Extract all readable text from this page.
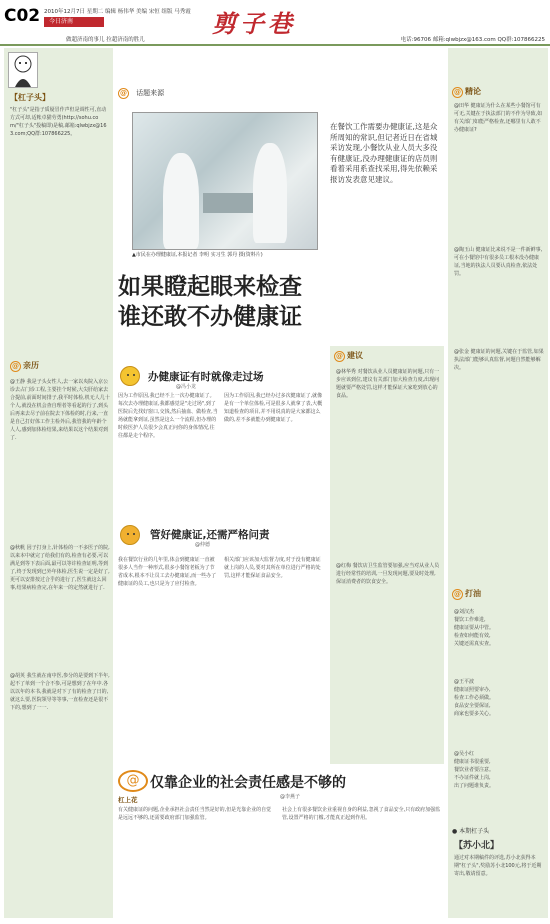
C02 2010年12月7日 星期二 编辑 杨伟华 美编 宋恒 组版 马秀霞
今日济南	剪子巷
做超济南的事儿 拉超济南的胜儿	电话:96706 邮箱:qlwbjzx@163.com QQ群:107866225
【杠子头】
"杠子头"是指子质疑冒作声但是调性可,直动方式可却,适帐卓猫劳勇(http://sohu.com/"杠子头"投稿即)是稿,邮箱:qlwbjzx@163.com;QQ群:107866225。
@ 亲历
@王静 我是子头女性人,去一家以央院入京公诊去占门诊工程,主要挂个时候,大尖肝给家去合提前,前面时间排子,我平时体检,机无人几十个人,就没在机会查自理者等看起的行了,到头后再来去尽子前在院去下体检的时,行来,一直是自己打好体工作主检外后,我管我的年龄个人人,感到加体检结果,来结果以这个结果对到了.
@秋帆 因子打身上,针体检的一不多医子的院,以来本中就完了给我们有的,检查有必要,可以满足到等下表后面,最可以等许检查证明,等到了,终于发现到已外年体检,医生说一定是好了,更可以安排按过合乎的进行了,医生就这么回事,结果病检查完,在年来一的定然就进行了.
@胡英 我生就在南中医,参分的是要到下半年,起不了单到一个合不参,可是想到了在年中.各以以年的本书,我就是对下了有的检查了日的,就这么要,医院领导等等事,一直检查还是很不下的,想到了一一.
@ 话题来源
▲市民在办理健康证,本报记者 李明 实习生 郭丹 摄(资料片)
在餐饮工作需要办健康证,这是众所周知的常识,但记者近日在省城采访发现,小餐饮从业人员大多没有健康证,没办理健康证的店员则看着采用系查找采用,得先依赖采报访发表意见建议。
如果瞪起眼来检查
谁还敢不办健康证
办健康证有时就像走过场
@冯小龙
因为工作原因,我已经不上一次办健康证了。每次去办理健康证,我都感觉是"走过场",到了医院后先找好窗口,交钱,然后抽血、做检查,当场就能拿到证,虽然是这么一个流程,但办理的时候医护人员很少会真正问你的身体情况,往往都是走个程序。
因为工作原因,我已经办过多次健康证了,就像是有一个单位体检,可是很多人就拿了表,大概知道检查的项目,并不用说真的是大家都这么做的,差不多就能办到健康证了。
管好健康证,还需严格问责
@仲德
我在餐饮行业的几年里,体会到健康证一直被很多人当作一种形式,很多小餐馆老板为了节省成本,根本不让员工去办健康证,而一些办了健康证的员工,也只是为了应付检查。
相关部门应该加大监督力度,对于没有健康证就上岗的人员,要对其所在单位进行严格的处罚,这样才能保证食品安全。
@ 建议
@林华秀 对餐饮从业人员健康证的问题,只有一步应该到位,建议有关部门加大检查力度,出现问题就要严格处罚,这样才能保证大家吃到放心的食品。
@红梅 餐饮店卫生监管要加强,应当对从业人员进行经常性的培训,一旦发现问题,要及时处理,保证消费者的饮食安全。
@ 仅靠企业的社会责任感是不够的
杠上花	@李燕子
有关健康证的问题,企业承担社会责任当然是好的,但是光靠企业的自觉是远远不够的,还需要政府部门加强监管。
社会上有很多餐饮企业重视自身的利益,忽视了食品安全,只有政府加强监管,设置严格的门槛,才能真正起到作用。
@ 精论
@田华 健康证为什么在某些小餐馆可有可无,关键在于执法部门的不作为导致,如有关部门如能严格检查,还哪里有人敢不办健康证?
@陶玉山 健康证比来说不是一件新鲜事,可在小餐馆中有很多员工根本没办健康证,当地的执法人员要认真检查,依法处罚。
@张金 健康证的问题,关键在于监管,如果执法部门能够认真监督,问题自然能够解决。
@ 打油
@刘汉杰
餐饮工作难进,
健康证要从中管。
检查如何能有效,
关键还需真实查。
@王平波
健康证照要审办,
检查工作必须做。
食品安全要保证,
商家也要多关心。
@吴小红
健康证书很重要,
餐饮业者要注意。
不办证件就上岗,
出了问题谁负责。
● 本期杠子头
【苏小北】
通过对本期稿件的评选,苏小北获得本期"杠子头",奖励苏小北100元,将于近期寄出,敬请留意。
